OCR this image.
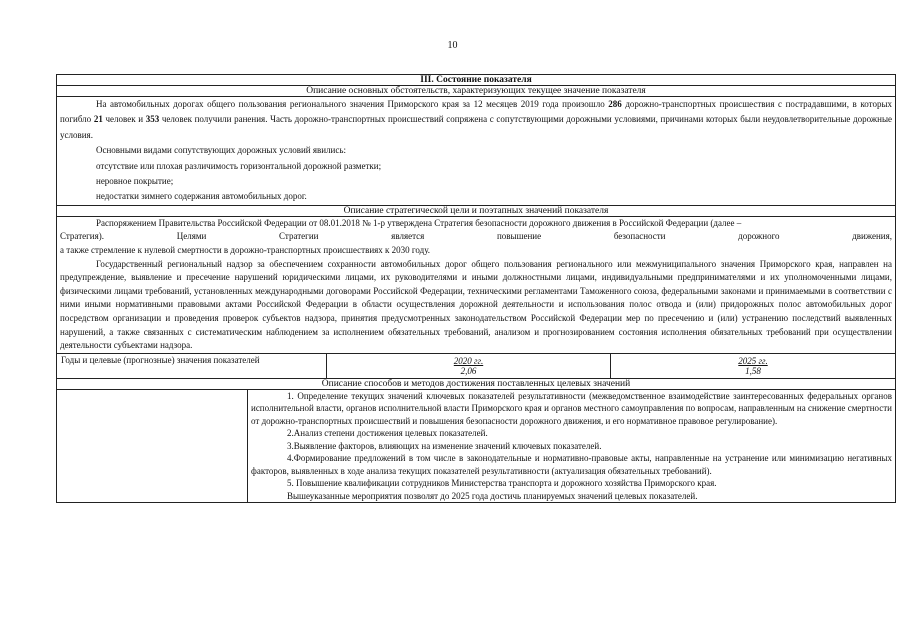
10
III. Состояние показателя
Описание основных обстоятельств, характеризующих текущее значение показателя

На автомобильных дорогах общего пользования регионального значения Приморского края за 12 месяцев 2019 года произошло 286 дорожно-транспортных происшествия с пострадавшими, в которых погибло 21 человек и 353 человек получили ранения. Часть дорожно-транспортных происшествий сопряжена с сопутствующими дорожными условиями, причинами которых были неудовлетворительные дорожные условия.

Основными видами сопутствующих дорожных условий явились:

отсутствие или плохая различимость горизонтальной дорожной разметки;

неровное покрытие;

недостатки зимнего содержания автомобильных дорог.

Описание стратегической цели и поэтапных значений показателя

Распоряжением Правительства Российской Федерации от 08.01.2018 № 1-р утверждена Стратегия безопасности дорожного движения в Российской Федерации (далее –

Стратегия). Целями Стратегии является повышение безопасности дорожного движения,

а также стремление к нулевой смертности в дорожно-транспортных происшествиях к 2030 году.

Государственный региональный надзор за обеспечением сохранности автомобильных дорог общего пользования регионального или межмуниципального значения Приморского края, направлен на предупреждение, выявление и пресечение нарушений юридическими лицами, их руководителями и иными должностными лицами, индивидуальными предпринимателями и их уполномоченными лицами, физическими лицами требований, установленных международными договорами Российской Федерации, техническими регламентами Таможенного союза, федеральными законами и принимаемыми в соответствии с ними иными нормативными правовыми актами Российской Федерации в области осуществления дорожной деятельности и использования полос отвода и (или) придорожных полос автомобильных дорог посредством организации и проведения проверок субъектов надзора, принятия предусмотренных законодательством Российской Федерации мер по пресечению и (или) устранению последствий выявленных нарушений, а также связанных с систематическим наблюдением за исполнением обязательных требований, анализом и прогнозированием состояния исполнения обязательных требований при осуществлении деятельности субъектами надзора.

Годы и целевые (прогнозные) значения показателей	2020 гг.
2,06
2025 гг.
1,58
Описание способов и методов достижения поставленных целевых значений

1. Определение текущих значений ключевых показателей результативности (межведомственное взаимодействие заинтересованных федеральных органов исполнительной власти, органов исполнительной власти Приморского края и органов местного самоуправления по вопросам, направленным на снижение смертности от дорожно-транспортных происшествий и повышения безопасности дорожного движения, и его нормативное правовое регулирование).

2.Анализ степени достижения целевых показателей.

3.Выявление факторов, влияющих на изменение значений ключевых показателей.

4.Формирование предложений в том числе в законодательные и нормативно-правовые акты, направленные на устранение или минимизацию негативных факторов, выявленных в ходе анализа текущих показателей результативности (актуализация обязательных требований).

5. Повышение квалификации сотрудников Министерства транспорта и дорожного хозяйства Приморского края.

Вышеуказанные мероприятия позволят до 2025 года достичь планируемых значений целевых показателей.
